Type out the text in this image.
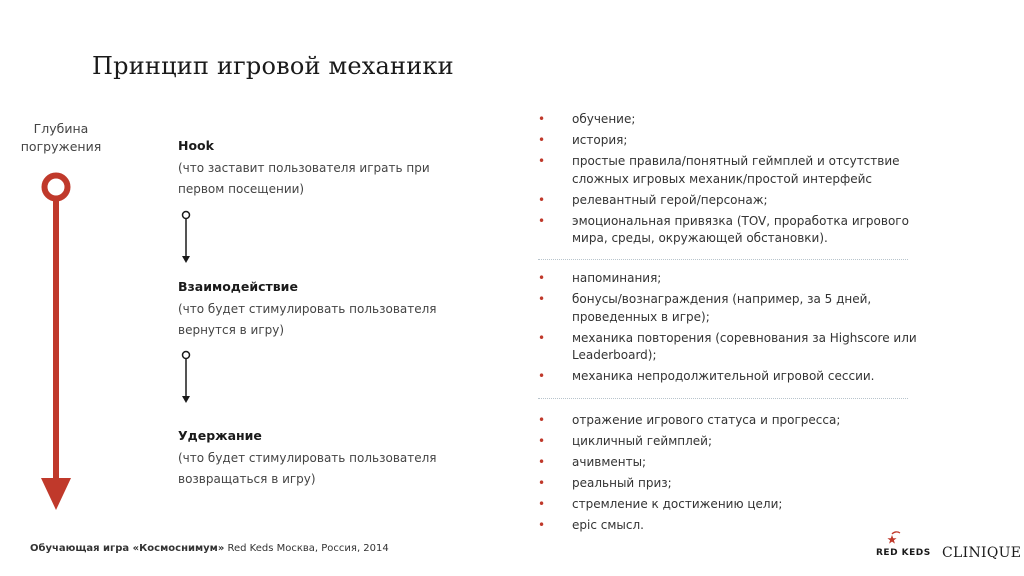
Принцип игровой механики
Глубина погружения	Hook
(что заставит пользователя играть при первом посещении)
Взаимодействие
(что будет стимулировать пользователя вернутся в игру)
Удержание
(что будет стимулировать пользователя возвращаться в игру)
• обучение;
• история;
• простые правила/понятный геймплей и отсутствие сложных игровых механик/простой интерфейс
• релевантный герой/персонаж;
• эмоциональная привязка (TOV, проработка игрового мира, среды, окружающей обстановки).
• напоминания;
• бонусы/вознаграждения (например, за 5 дней, проведенных в игре);
• механика повторения (соревнования за Highscore или Leaderboard);
• механика непродолжительной игровой сессии.
• отражение игрового статуса и прогресса;
• цикличный геймплей;
• ачивменты;
• реальный приз;
• стремление к достижению цели;
• epic смысл.
Обучающая игра «Космоснимум» Red Keds Москва, Россия, 2014	RED KEDS CLINIQUE
